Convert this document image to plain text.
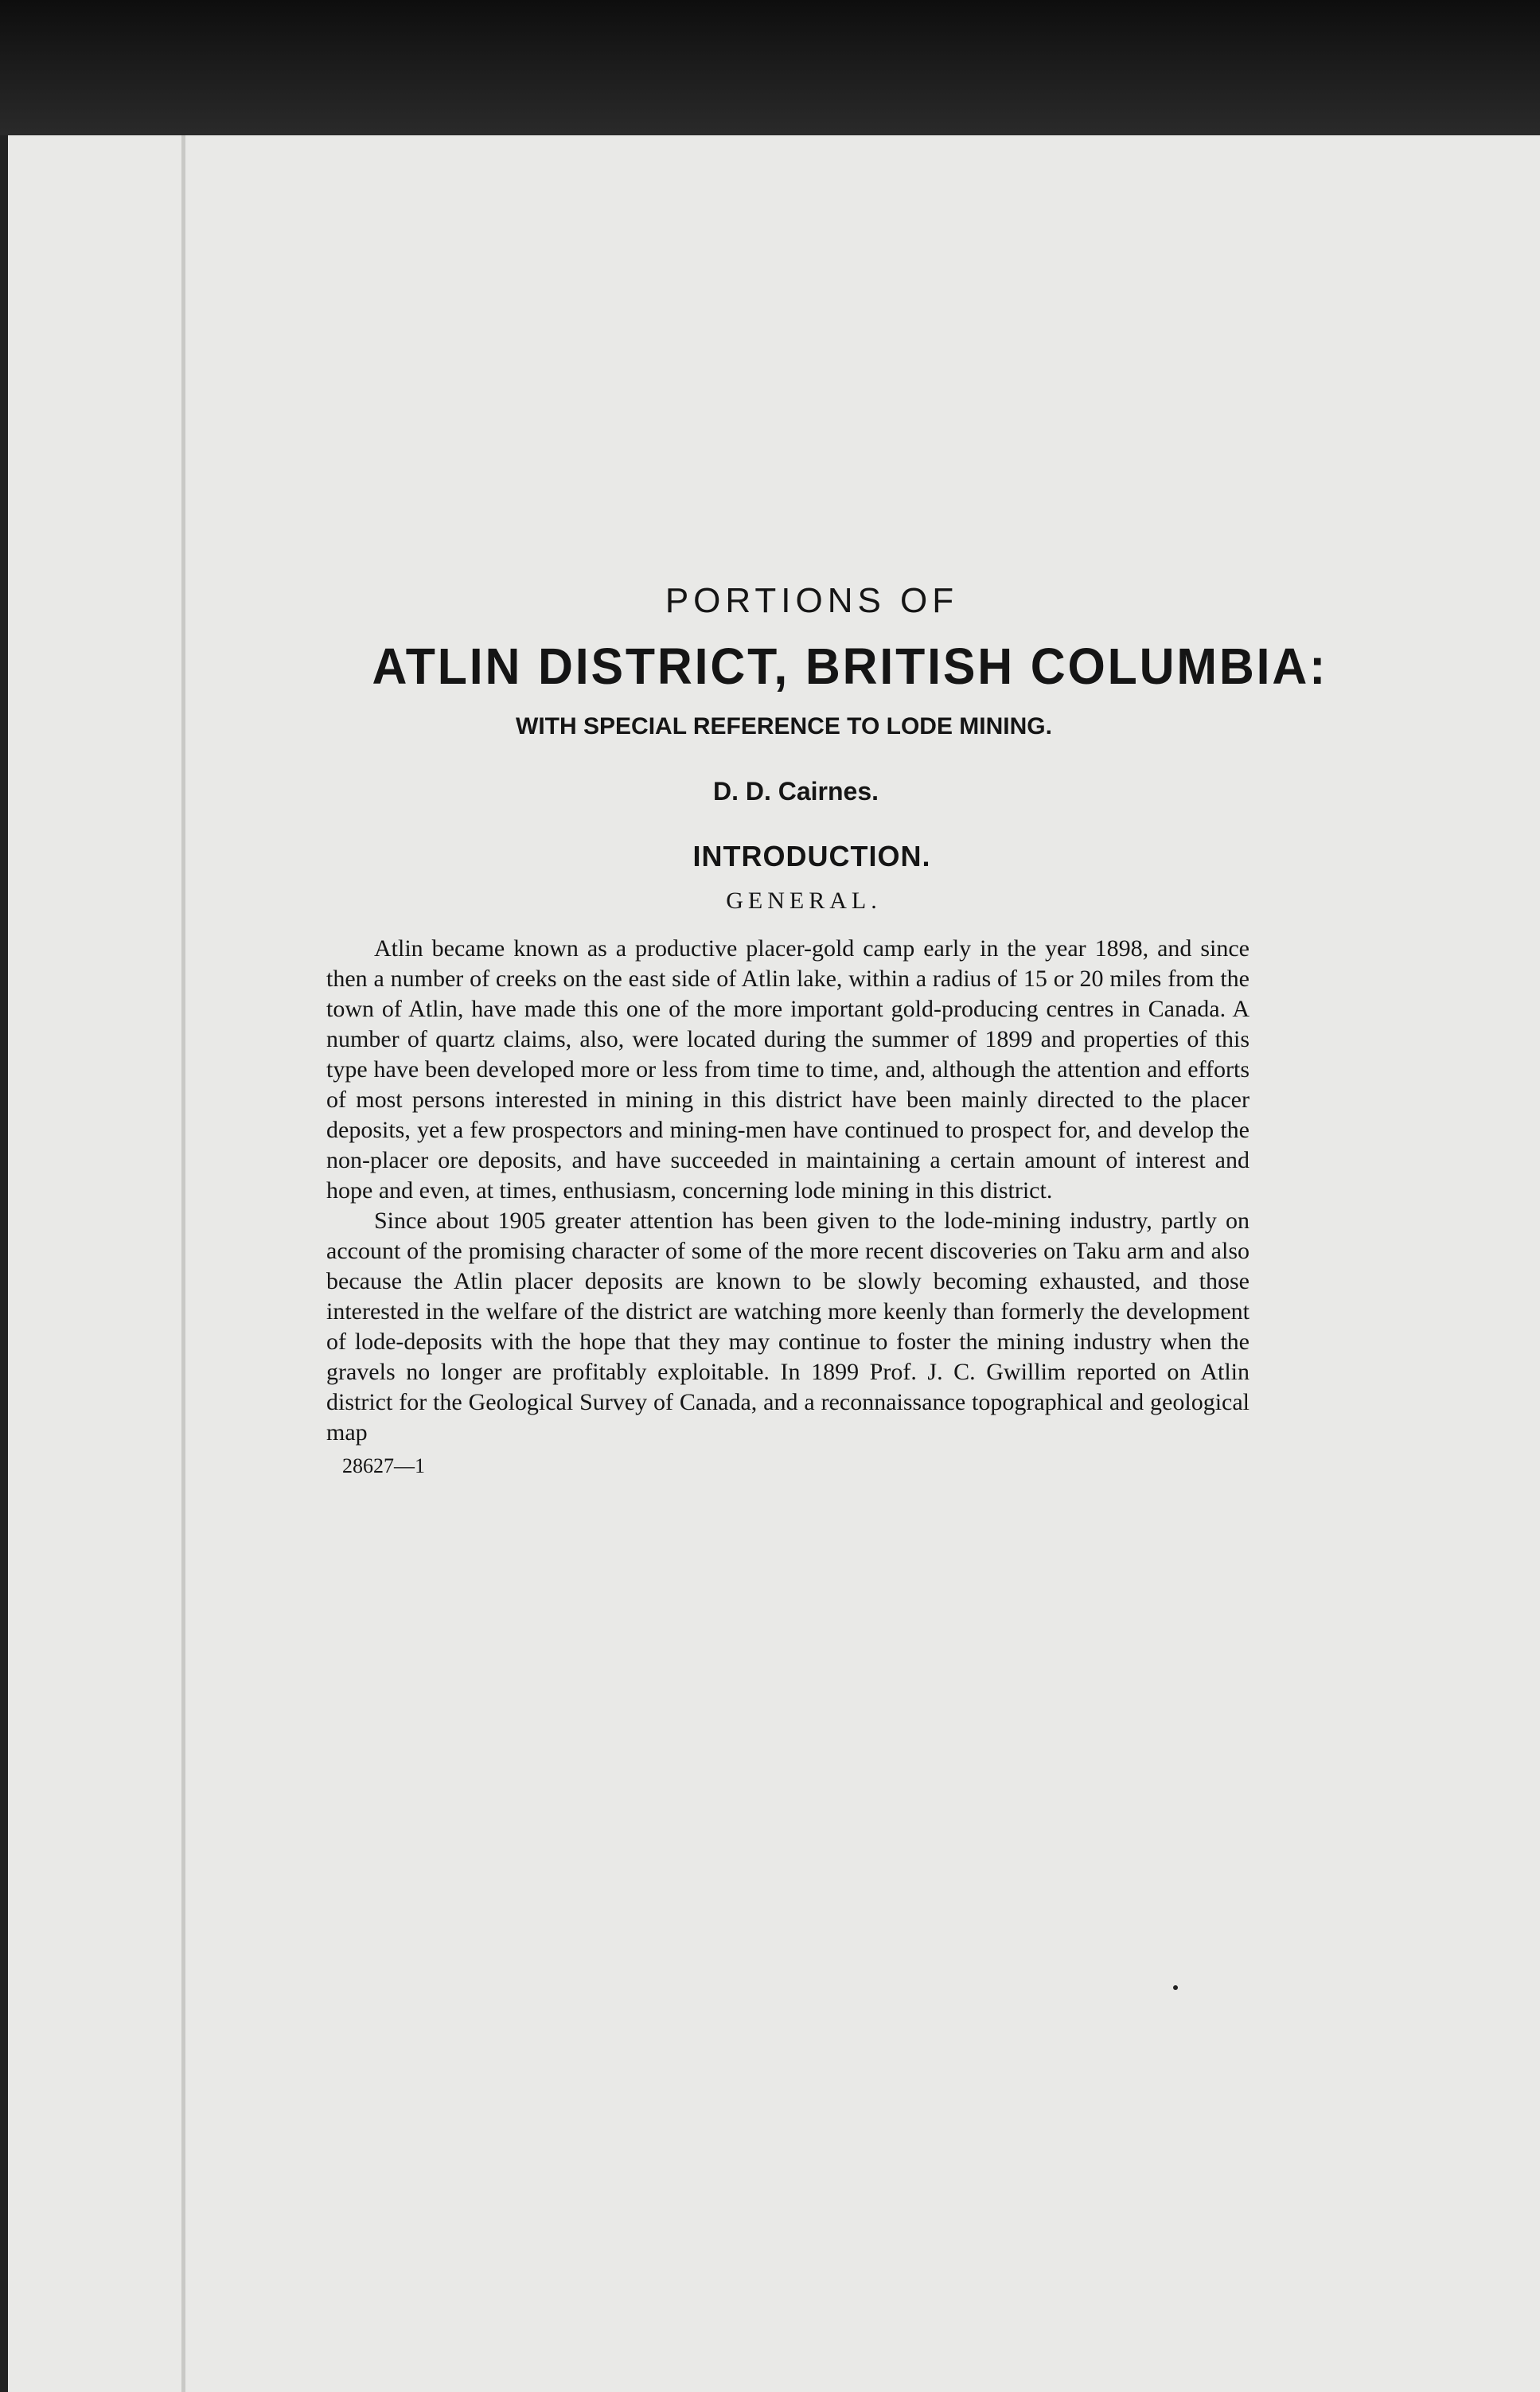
PORTIONS OF
ATLIN DISTRICT, BRITISH COLUMBIA:
WITH SPECIAL REFERENCE TO LODE MINING.
D. D. Cairnes.
INTRODUCTION.
GENERAL.

Atlin became known as a productive placer-gold camp early in the year 1898, and since then a number of creeks on the east side of Atlin lake, within a radius of 15 or 20 miles from the town of Atlin, have made this one of the more important gold-producing centres in Canada. A number of quartz claims, also, were located during the summer of 1899 and properties of this type have been developed more or less from time to time, and, although the attention and efforts of most persons interested in mining in this district have been mainly directed to the placer deposits, yet a few prospectors and mining-men have continued to prospect for, and develop the non-placer ore deposits, and have succeeded in maintaining a certain amount of interest and hope and even, at times, enthusiasm, concerning lode mining in this district.

Since about 1905 greater attention has been given to the lode-mining industry, partly on account of the promising character of some of the more recent discoveries on Taku arm and also because the Atlin placer deposits are known to be slowly becoming exhausted, and those interested in the welfare of the district are watching more keenly than formerly the development of lode-deposits with the hope that they may continue to foster the mining industry when the gravels no longer are profitably exploitable. In 1899 Prof. J. C. Gwillim reported on Atlin district for the Geological Survey of Canada, and a reconnaissance topographical and geological map

28627—1
